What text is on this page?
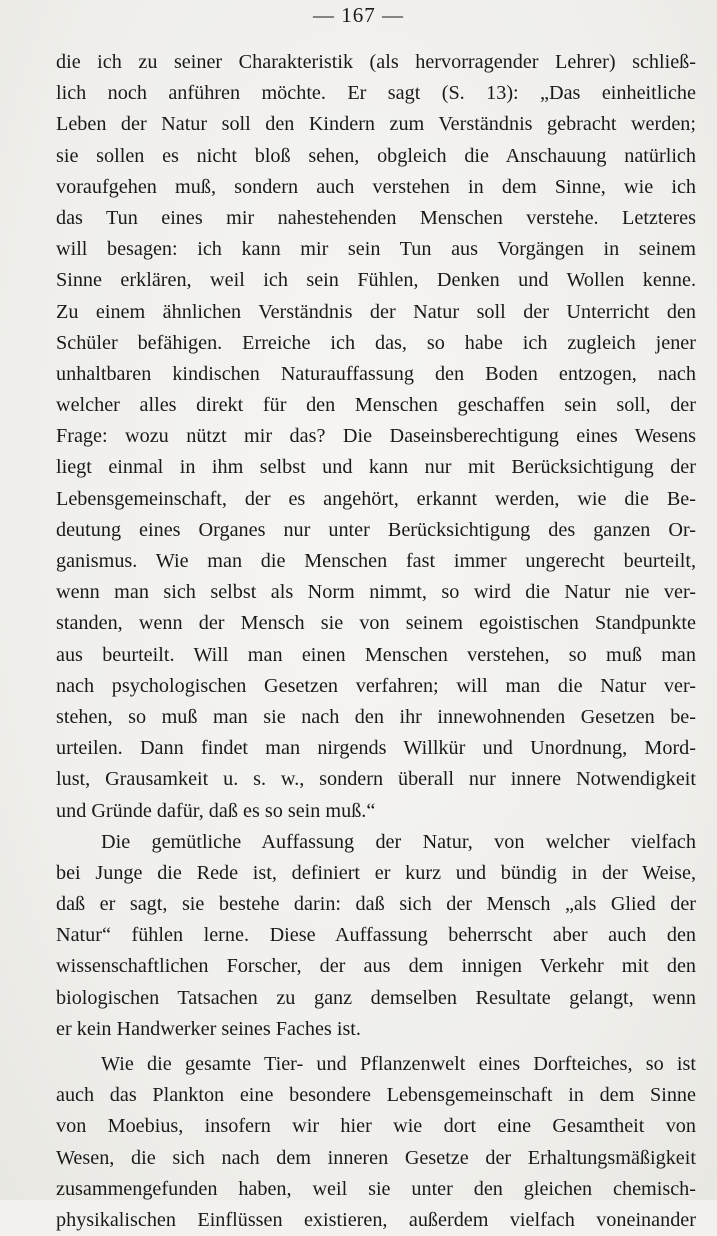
— 167 —
die ich zu seiner Charakteristik (als hervorragender Lehrer) schließ-
lich noch anführen möchte. Er sagt (S. 13): „Das einheitliche
Leben der Natur soll den Kindern zum Verständnis gebracht werden;
sie sollen es nicht bloß sehen, obgleich die Anschauung natürlich
voraufgehen muß, sondern auch verstehen in dem Sinne, wie ich
das Tun eines mir nahestehenden Menschen verstehe. Letzteres
will besagen: ich kann mir sein Tun aus Vorgängen in seinem
Sinne erklären, weil ich sein Fühlen, Denken und Wollen kenne.
Zu einem ähnlichen Verständnis der Natur soll der Unterricht den
Schüler befähigen. Erreiche ich das, so habe ich zugleich jener
unhaltbaren kindischen Naturauffassung den Boden entzogen, nach
welcher alles direkt für den Menschen geschaffen sein soll, der
Frage: wozu nützt mir das? Die Daseinsberechtigung eines Wesens
liegt einmal in ihm selbst und kann nur mit Berücksichtigung der
Lebensgemeinschaft, der es angehört, erkannt werden, wie die Be-
deutung eines Organes nur unter Berücksichtigung des ganzen Or-
ganismus. Wie man die Menschen fast immer ungerecht beurteilt,
wenn man sich selbst als Norm nimmt, so wird die Natur nie ver-
standen, wenn der Mensch sie von seinem egoistischen Standpunkte
aus beurteilt. Will man einen Menschen verstehen, so muß man
nach psychologischen Gesetzen verfahren; will man die Natur ver-
stehen, so muß man sie nach den ihr innewohnenden Gesetzen be-
urteilen. Dann findet man nirgends Willkür und Unordnung, Mord-
lust, Grausamkeit u. s. w., sondern überall nur innere Notwendigkeit
und Gründe dafür, daß es so sein muß.“
Die gemütliche Auffassung der Natur, von welcher vielfach
bei Junge die Rede ist, definiert er kurz und bündig in der Weise,
daß er sagt, sie bestehe darin: daß sich der Mensch „als Glied der
Natur“ fühlen lerne. Diese Auffassung beherrscht aber auch den
wissenschaftlichen Forscher, der aus dem innigen Verkehr mit den
biologischen Tatsachen zu ganz demselben Resultate gelangt, wenn
er kein Handwerker seines Faches ist.
Wie die gesamte Tier- und Pflanzenwelt eines Dorfteiches, so ist
auch das Plankton eine besondere Lebensgemeinschaft in dem Sinne
von Moebius, insofern wir hier wie dort eine Gesamtheit von
Wesen, die sich nach dem inneren Gesetze der Erhaltungsmäßigkeit
zusammengefunden haben, weil sie unter den gleichen chemisch-
physikalischen Einflüssen existieren, außerdem vielfach voneinander
